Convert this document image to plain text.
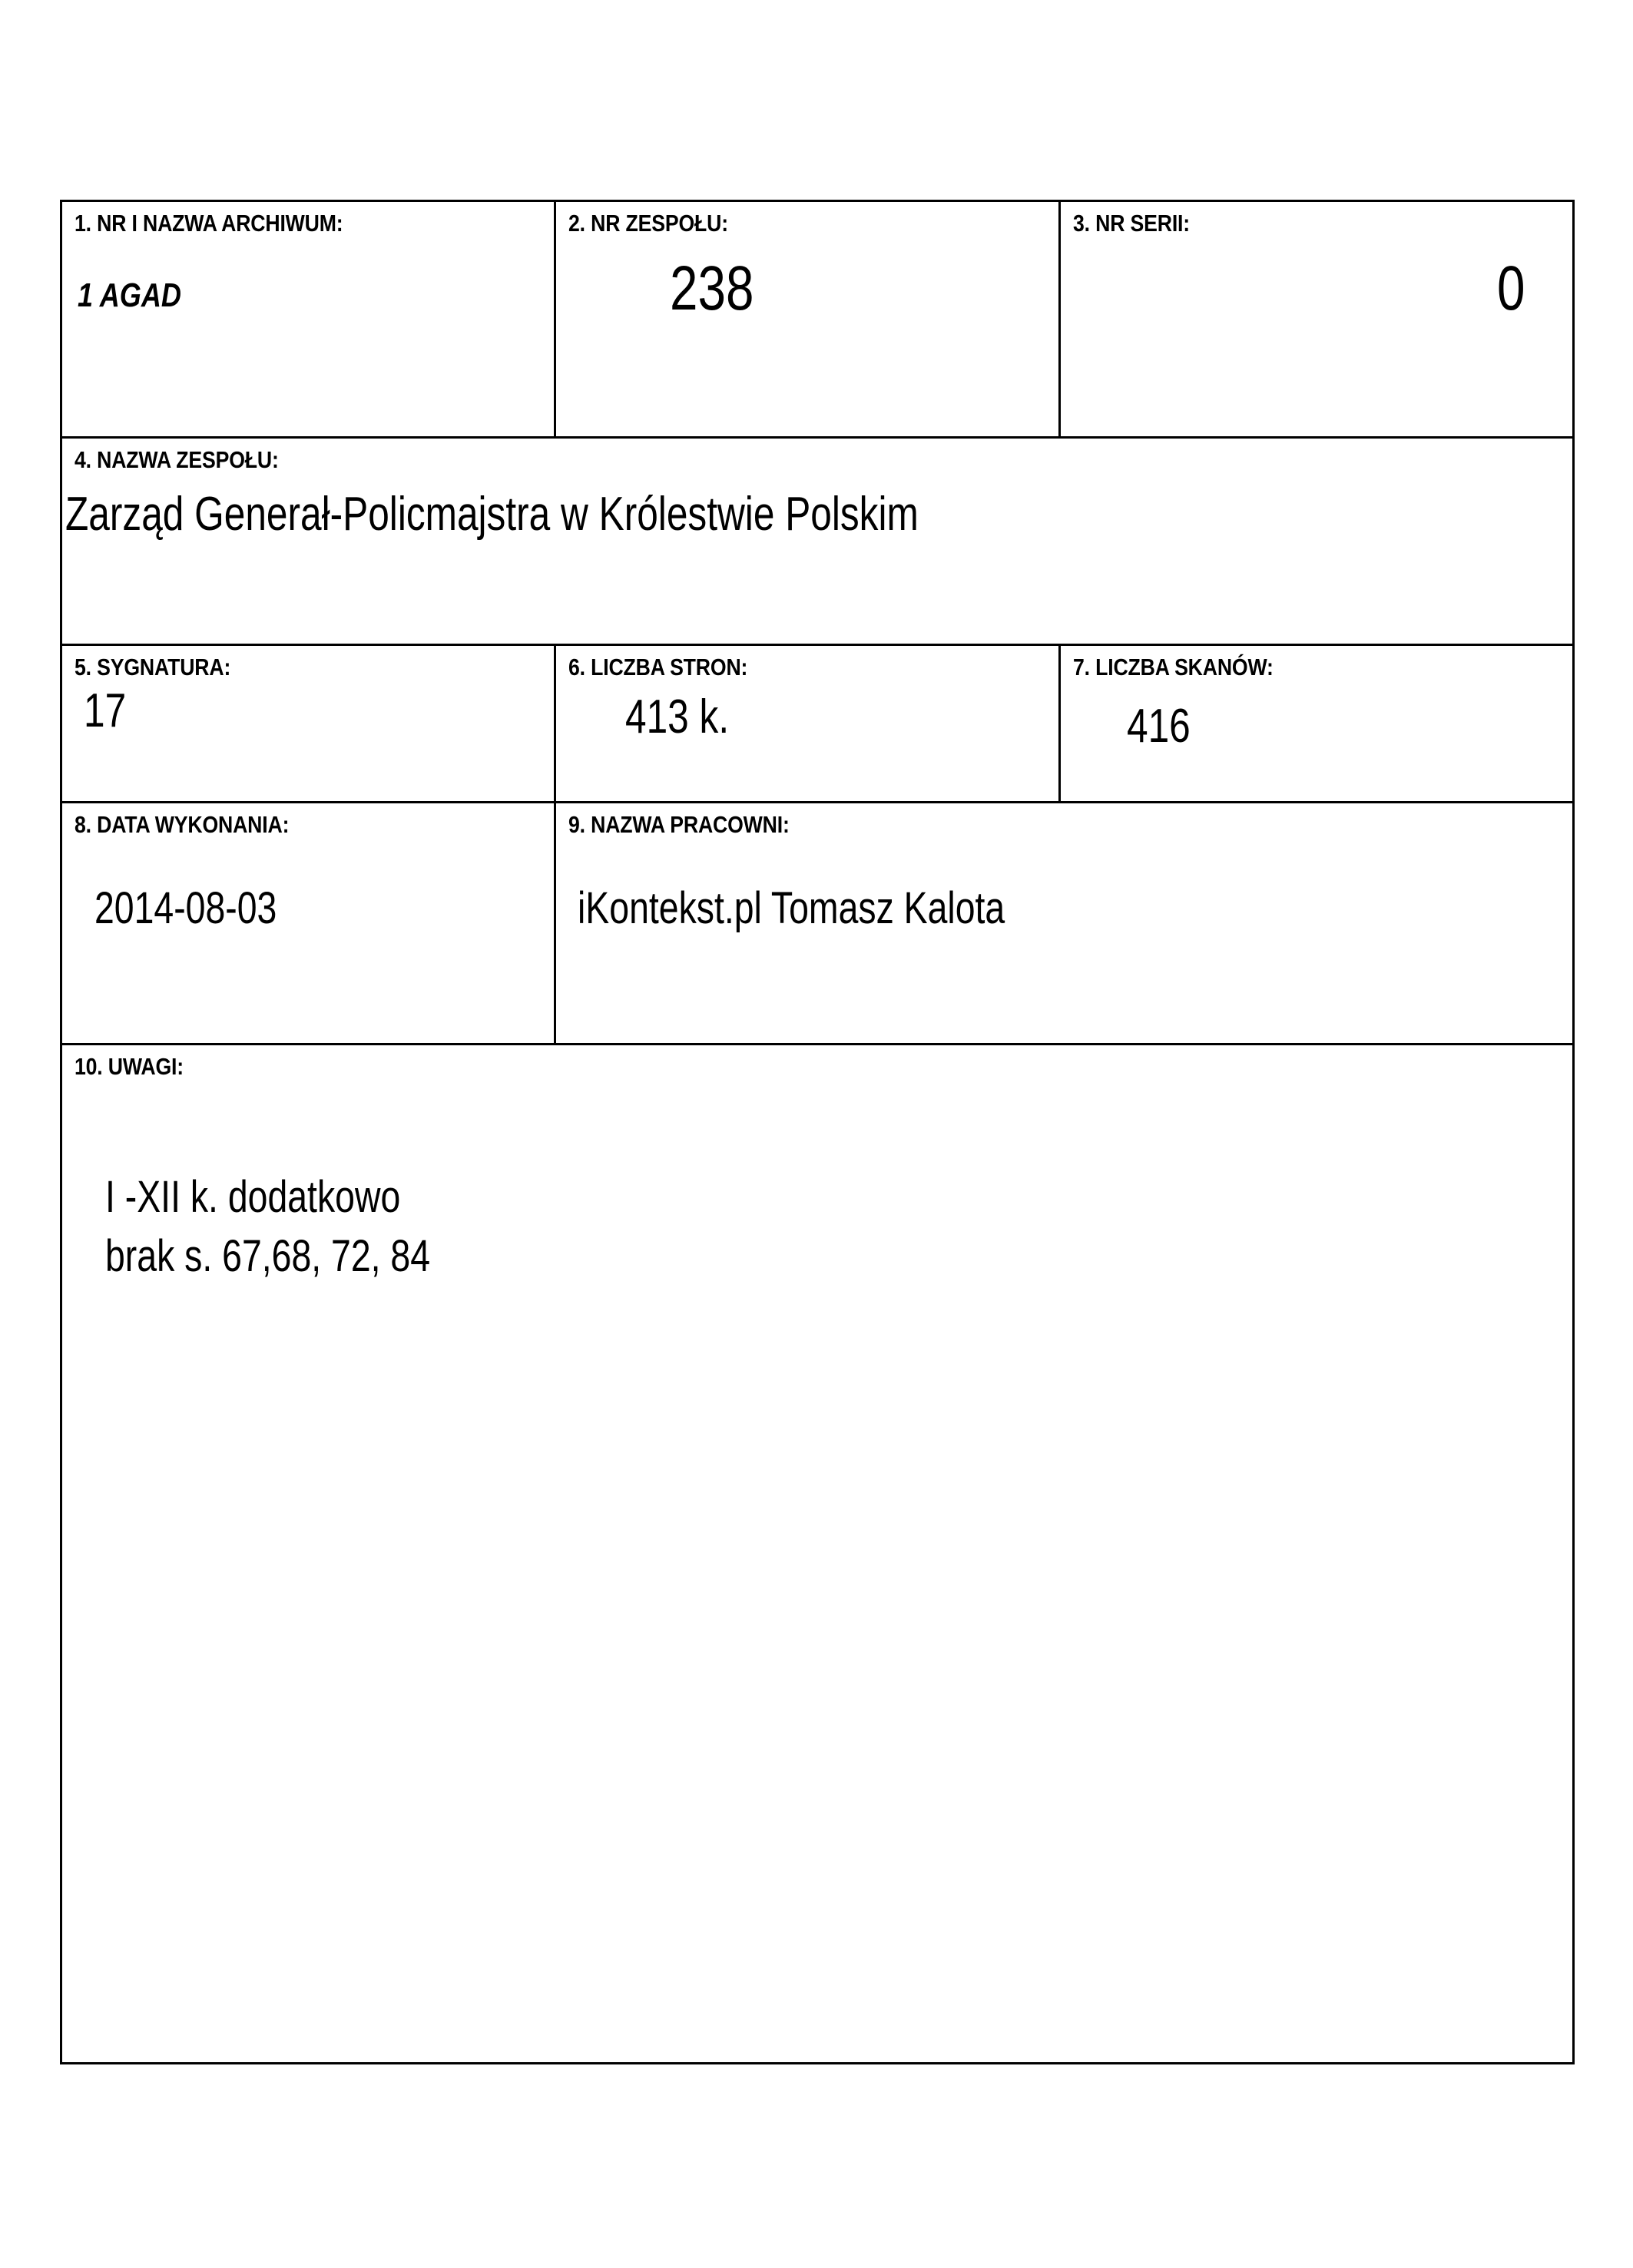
1. NR I NAZWA ARCHIWUM:
1 AGAD
2. NR ZESPOŁU:
238
3. NR SERII:
0
4. NAZWA ZESPOŁU:
Zarząd Generał-Policmajstra w Królestwie Polskim
5. SYGNATURA:
17
6. LICZBA STRON:
413 k.
7. LICZBA SKANÓW:
416
8. DATA WYKONANIA:
2014-08-03
9. NAZWA PRACOWNI:
iKontekst.pl Tomasz Kalota
10. UWAGI:
I -XII k. dodatkowo
brak s. 67,68, 72, 84
